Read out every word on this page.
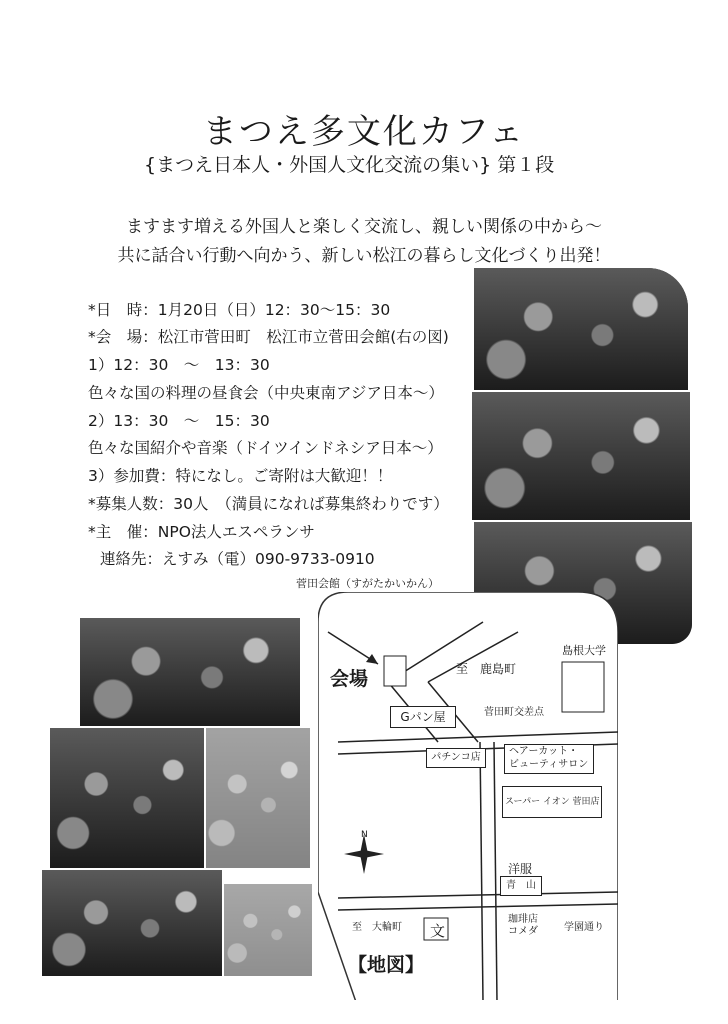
まつえ多文化カフェ
{まつえ日本人・外国人文化交流の集い} 第１段
ますます増える外国人と楽しく交流し、親しい関係の中から～
共に話合い行動へ向かう、新しい松江の暮らし文化づくり出発！
*日　時：1月20日（日）12：30～15：30
*会　場：松江市菅田町　松江市立菅田会館(右の図)
1）12：30　～　13：30
色々な国の料理の昼食会（中央東南アジア日本～）
2）13：30　～　15：30
色々な国紹介や音楽（ドイツインドネシア日本～）
3）参加費：特になし。ご寄附は大歓迎！！
*募集人数：30人　（満員になれば募集終わりです）
*主　催：NPO法人エスペランサ
連絡先：えすみ（電）090-9733-0910
菅田会館（すがたかいかん）
会場	至　鹿島町
島根大学
Gパン屋	菅田町交差点
パチンコ店
ヘアーカット・
ビューティサロン
スーパー イオン 菅田店
洋服
青　山
至　大輪町 文
珈琲店
コメダ	学園通り
N
【地図】
